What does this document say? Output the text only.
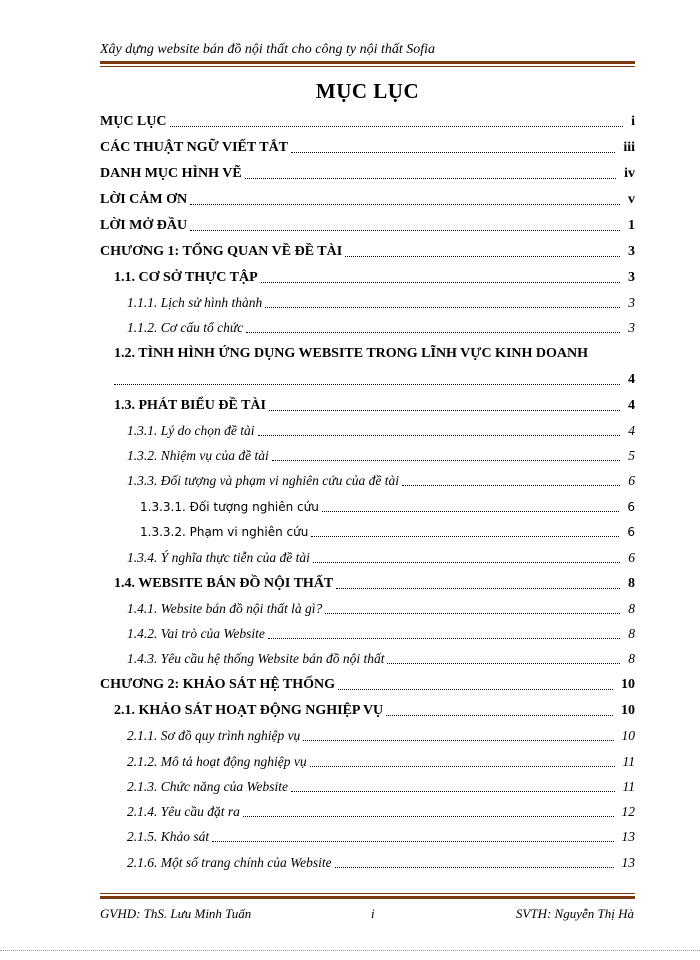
Xây dựng website bán đồ nội thất cho công ty nội thất Sofia
MỤC LỤC
MỤC LỤC	i
CÁC THUẬT NGỮ VIẾT TẮT	iii
DANH MỤC HÌNH VẼ	iv
LỜI CẢM ƠN	v
LỜI MỞ ĐẦU	1
CHƯƠNG 1: TỔNG QUAN VỀ ĐỀ TÀI	3
1.1. CƠ SỞ THỰC TẬP	3
1.1.1. Lịch sử hình thành	3
1.1.2. Cơ cấu tổ chức	3
1.2. TÌNH HÌNH ỨNG DỤNG WEBSITE TRONG LĨNH VỰC KINH DOANH
4
1.3. PHÁT BIỂU ĐỀ TÀI	4
1.3.1. Lý do chọn đề tài	4
1.3.2. Nhiệm vụ của đề tài	5
1.3.3. Đối tượng và phạm vi nghiên cứu của đề tài	6
1.3.3.1. Đối tượng nghiên cứu	6
1.3.3.2. Phạm vi nghiên cứu	6
1.3.4. Ý nghĩa thực tiễn của đề tài	6
1.4. WEBSITE BÁN ĐỒ NỘI THẤT	8
1.4.1. Website bán đồ nội thất là gì?	8
1.4.2. Vai trò của Website	8
1.4.3. Yêu cầu hệ thống Website bán đồ nội thất	8
CHƯƠNG 2: KHẢO SÁT HỆ THỐNG	10
2.1. KHẢO SÁT HOẠT ĐỘNG NGHIỆP VỤ	10
2.1.1. Sơ đồ quy trình nghiệp vụ	10
2.1.2. Mô tả hoạt động nghiệp vụ	11
2.1.3. Chức năng của Website	11
2.1.4. Yêu cầu đặt ra	12
2.1.5. Khảo sát	13
2.1.6. Một số trang chính của Website	13
GVHD: ThS. Lưu Minh Tuấn	i	SVTH: Nguyễn Thị Hà
